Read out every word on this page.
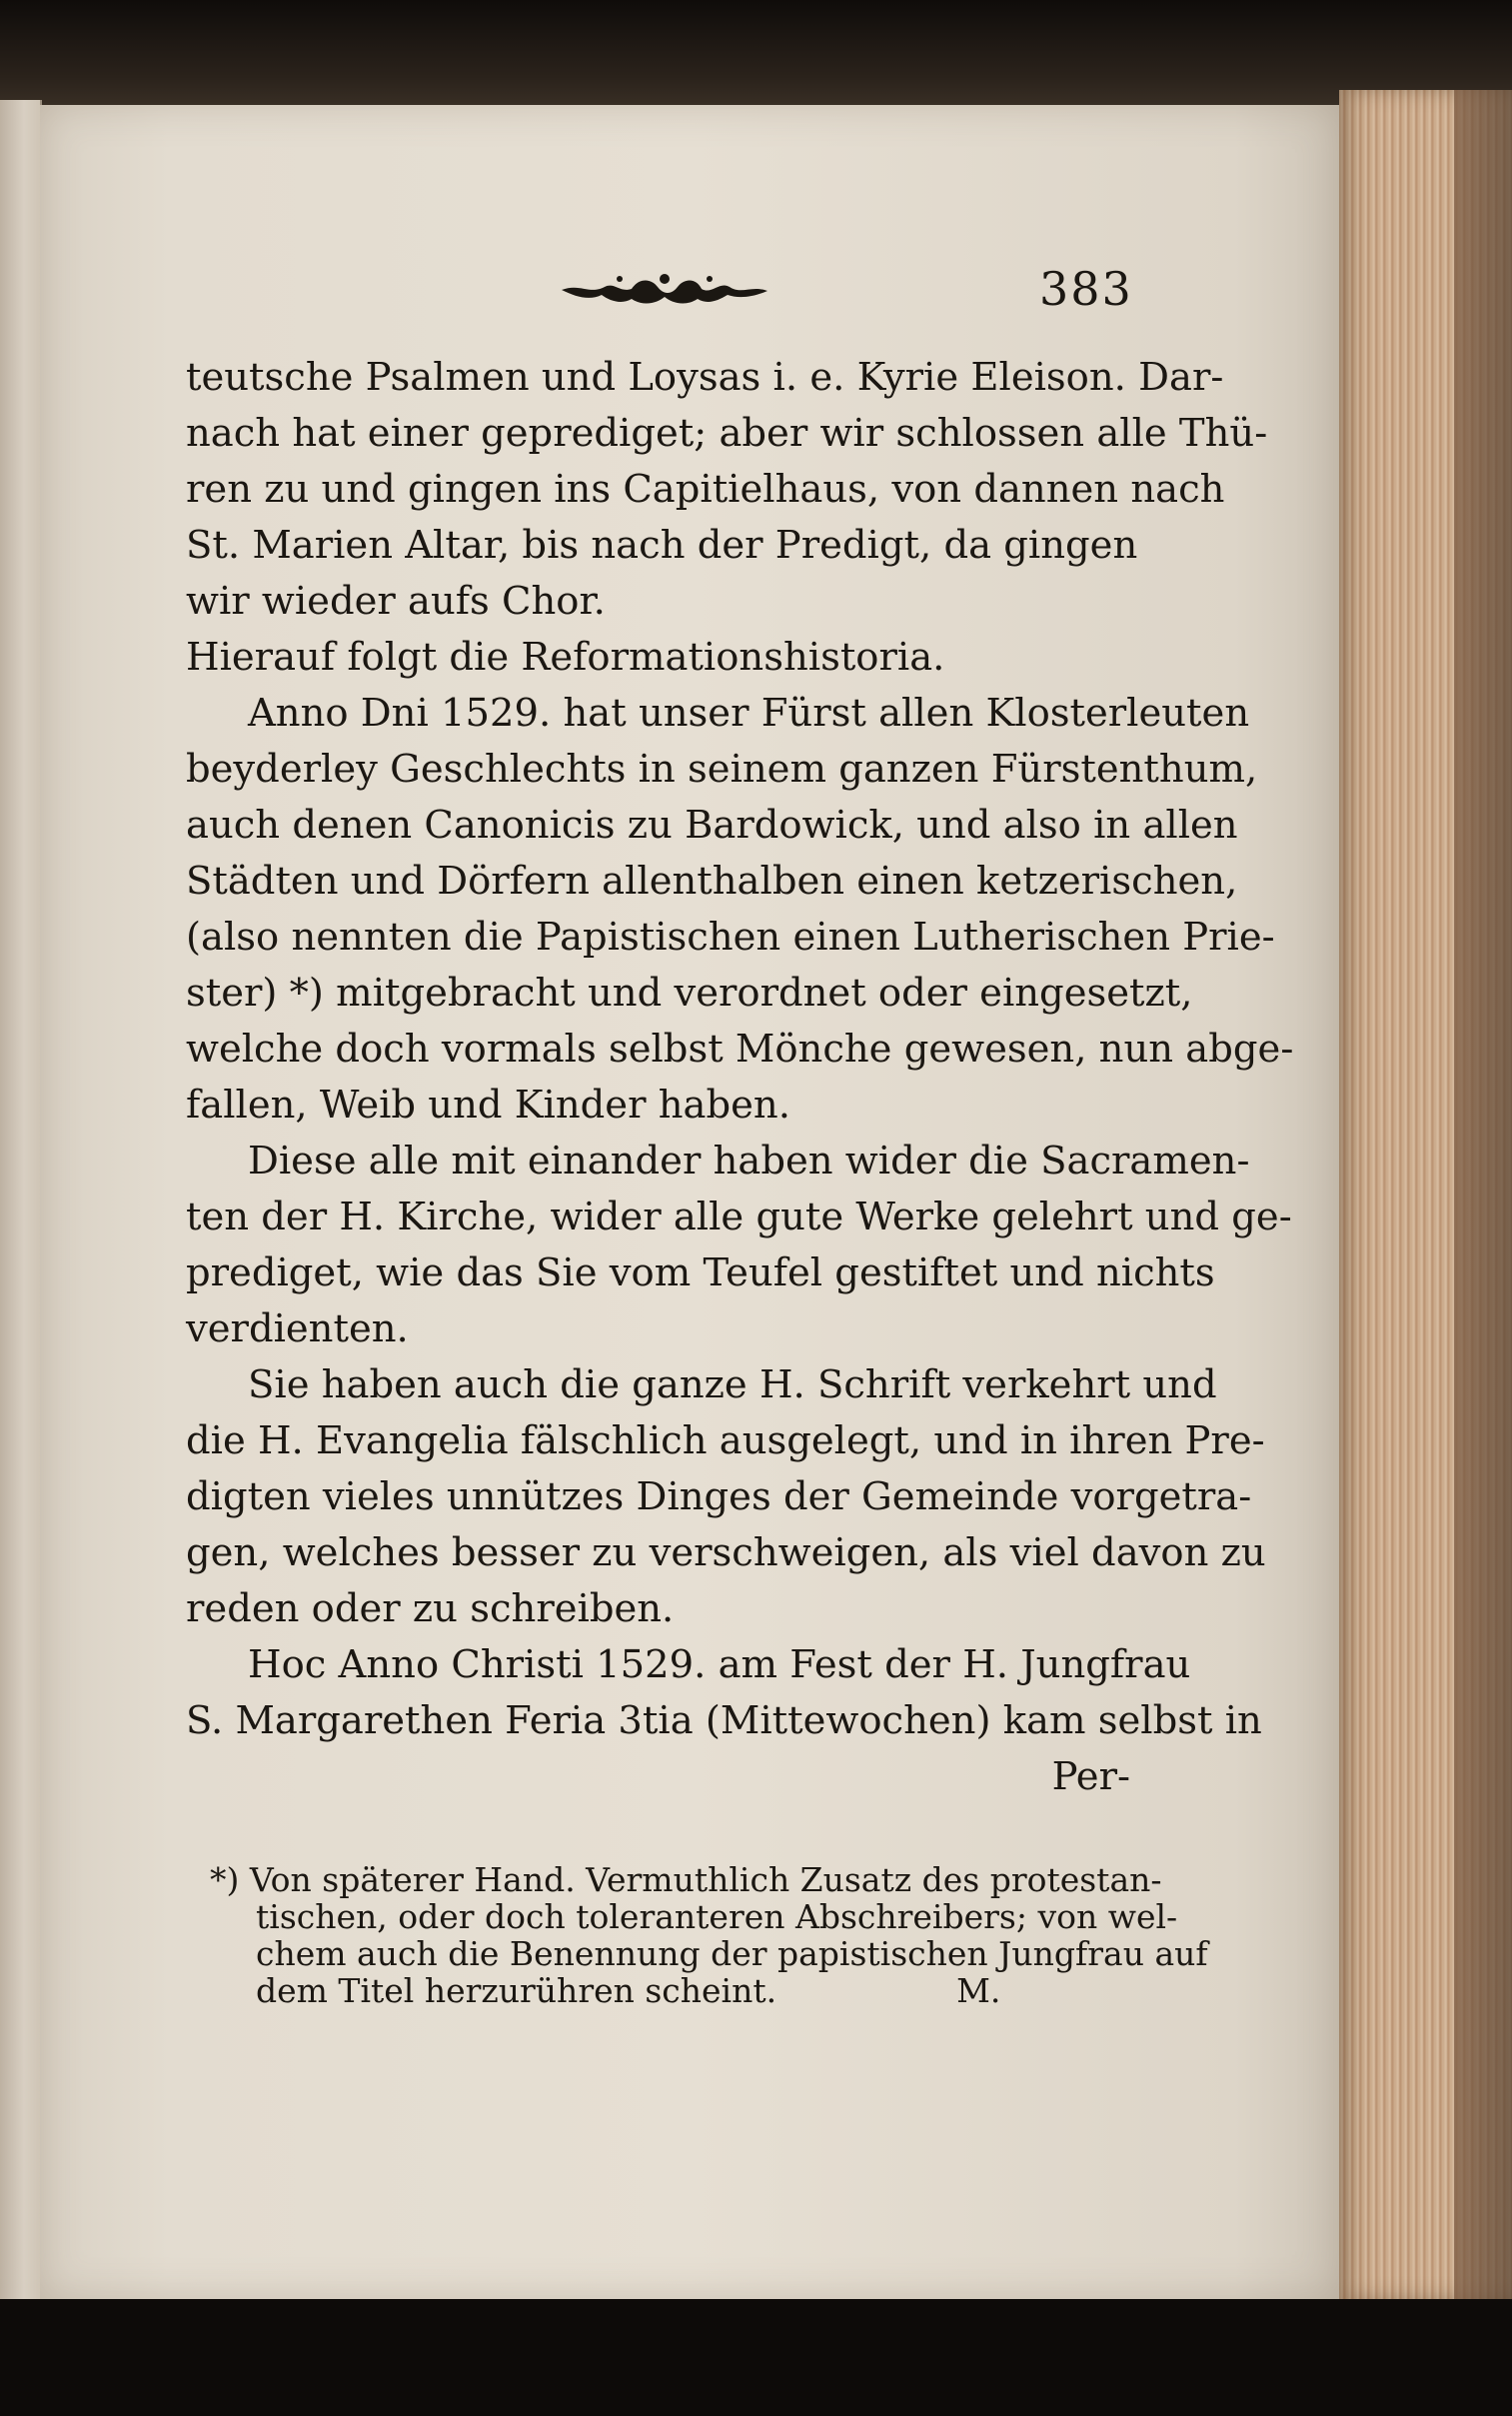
383
teutsche Psalmen und Loysas i. e. Kyrie Eleison. Dar-
nach hat einer geprediget; aber wir schlossen alle Thü-
ren zu und gingen ins Capitielhaus, von dannen nach
St. Marien Altar, bis nach der Predigt, da gingen
wir wieder aufs Chor.
Hierauf folgt die Reformationshistoria.
Anno Dni 1529. hat unser Fürst allen Klosterleuten
beyderley Geschlechts in seinem ganzen Fürstenthum,
auch denen Canonicis zu Bardowick, und also in allen
Städten und Dörfern allenthalben einen ketzerischen,
(also nennten die Papistischen einen Lutherischen Prie-
ster) *) mitgebracht und verordnet oder eingesetzt,
welche doch vormals selbst Mönche gewesen, nun abge-
fallen, Weib und Kinder haben.
Diese alle mit einander haben wider die Sacramen-
ten der H. Kirche, wider alle gute Werke gelehrt und ge-
prediget, wie das Sie vom Teufel gestiftet und nichts
verdienten.
Sie haben auch die ganze H. Schrift verkehrt und
die H. Evangelia fälschlich ausgelegt, und in ihren Pre-
digten vieles unnützes Dinges der Gemeinde vorgetra-
gen, welches besser zu verschweigen, als viel davon zu
reden oder zu schreiben.
Hoc Anno Christi 1529. am Fest der H. Jungfrau
S. Margarethen Feria 3tia (Mittewochen) kam selbst in
Per-
*) Von späterer Hand. Vermuthlich Zusatz des protestan-
tischen, oder doch toleranteren Abschreibers; von wel-
chem auch die Benennung der papistischen Jungfrau auf
dem Titel herzurühren scheint.	M.
